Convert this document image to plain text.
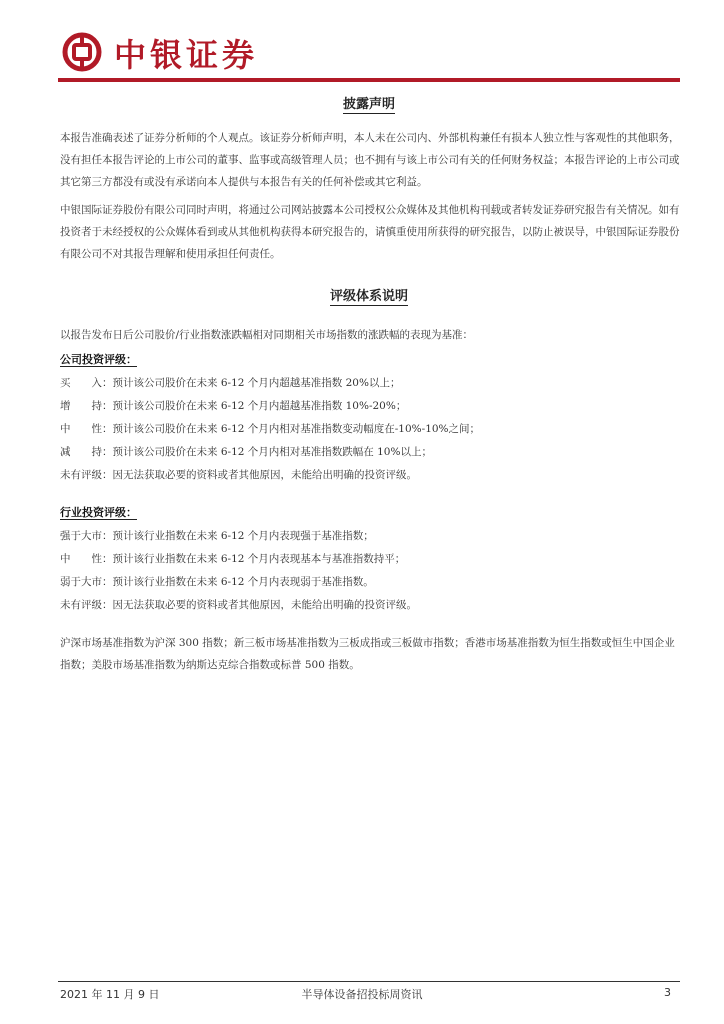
中银证券
披露声明
本报告准确表述了证券分析师的个人观点。该证券分析师声明，本人未在公司内、外部机构兼任有损本人独立性与客观性的其他职务，没有担任本报告评论的上市公司的董事、监事或高级管理人员；也不拥有与该上市公司有关的任何财务权益；本报告评论的上市公司或其它第三方都没有或没有承诺向本人提供与本报告有关的任何补偿或其它利益。
中银国际证券股份有限公司同时声明，将通过公司网站披露本公司授权公众媒体及其他机构刊载或者转发证券研究报告有关情况。如有投资者于未经授权的公众媒体看到或从其他机构获得本研究报告的，请慎重使用所获得的研究报告，以防止被误导，中银国际证券股份有限公司不对其报告理解和使用承担任何责任。
评级体系说明
以报告发布日后公司股价/行业指数涨跌幅相对同期相关市场指数的涨跌幅的表现为基准：
公司投资评级：
买　　入：预计该公司股价在未来 6-12 个月内超越基准指数 20%以上；
增　　持：预计该公司股价在未来 6-12 个月内超越基准指数 10%-20%；
中　　性：预计该公司股价在未来 6-12 个月内相对基准指数变动幅度在-10%-10%之间；
减　　持：预计该公司股价在未来 6-12 个月内相对基准指数跌幅在 10%以上；
未有评级：因无法获取必要的资料或者其他原因，未能给出明确的投资评级。
行业投资评级：
强于大市：预计该行业指数在未来 6-12 个月内表现强于基准指数；
中　　性：预计该行业指数在未来 6-12 个月内表现基本与基准指数持平；
弱于大市：预计该行业指数在未来 6-12 个月内表现弱于基准指数。
未有评级：因无法获取必要的资料或者其他原因，未能给出明确的投资评级。
沪深市场基准指数为沪深 300 指数；新三板市场基准指数为三板成指或三板做市指数；香港市场基准指数为恒生指数或恒生中国企业指数；美股市场基准指数为纳斯达克综合指数或标普 500 指数。
2021 年 11 月 9 日	半导体设备招投标周资讯	3
